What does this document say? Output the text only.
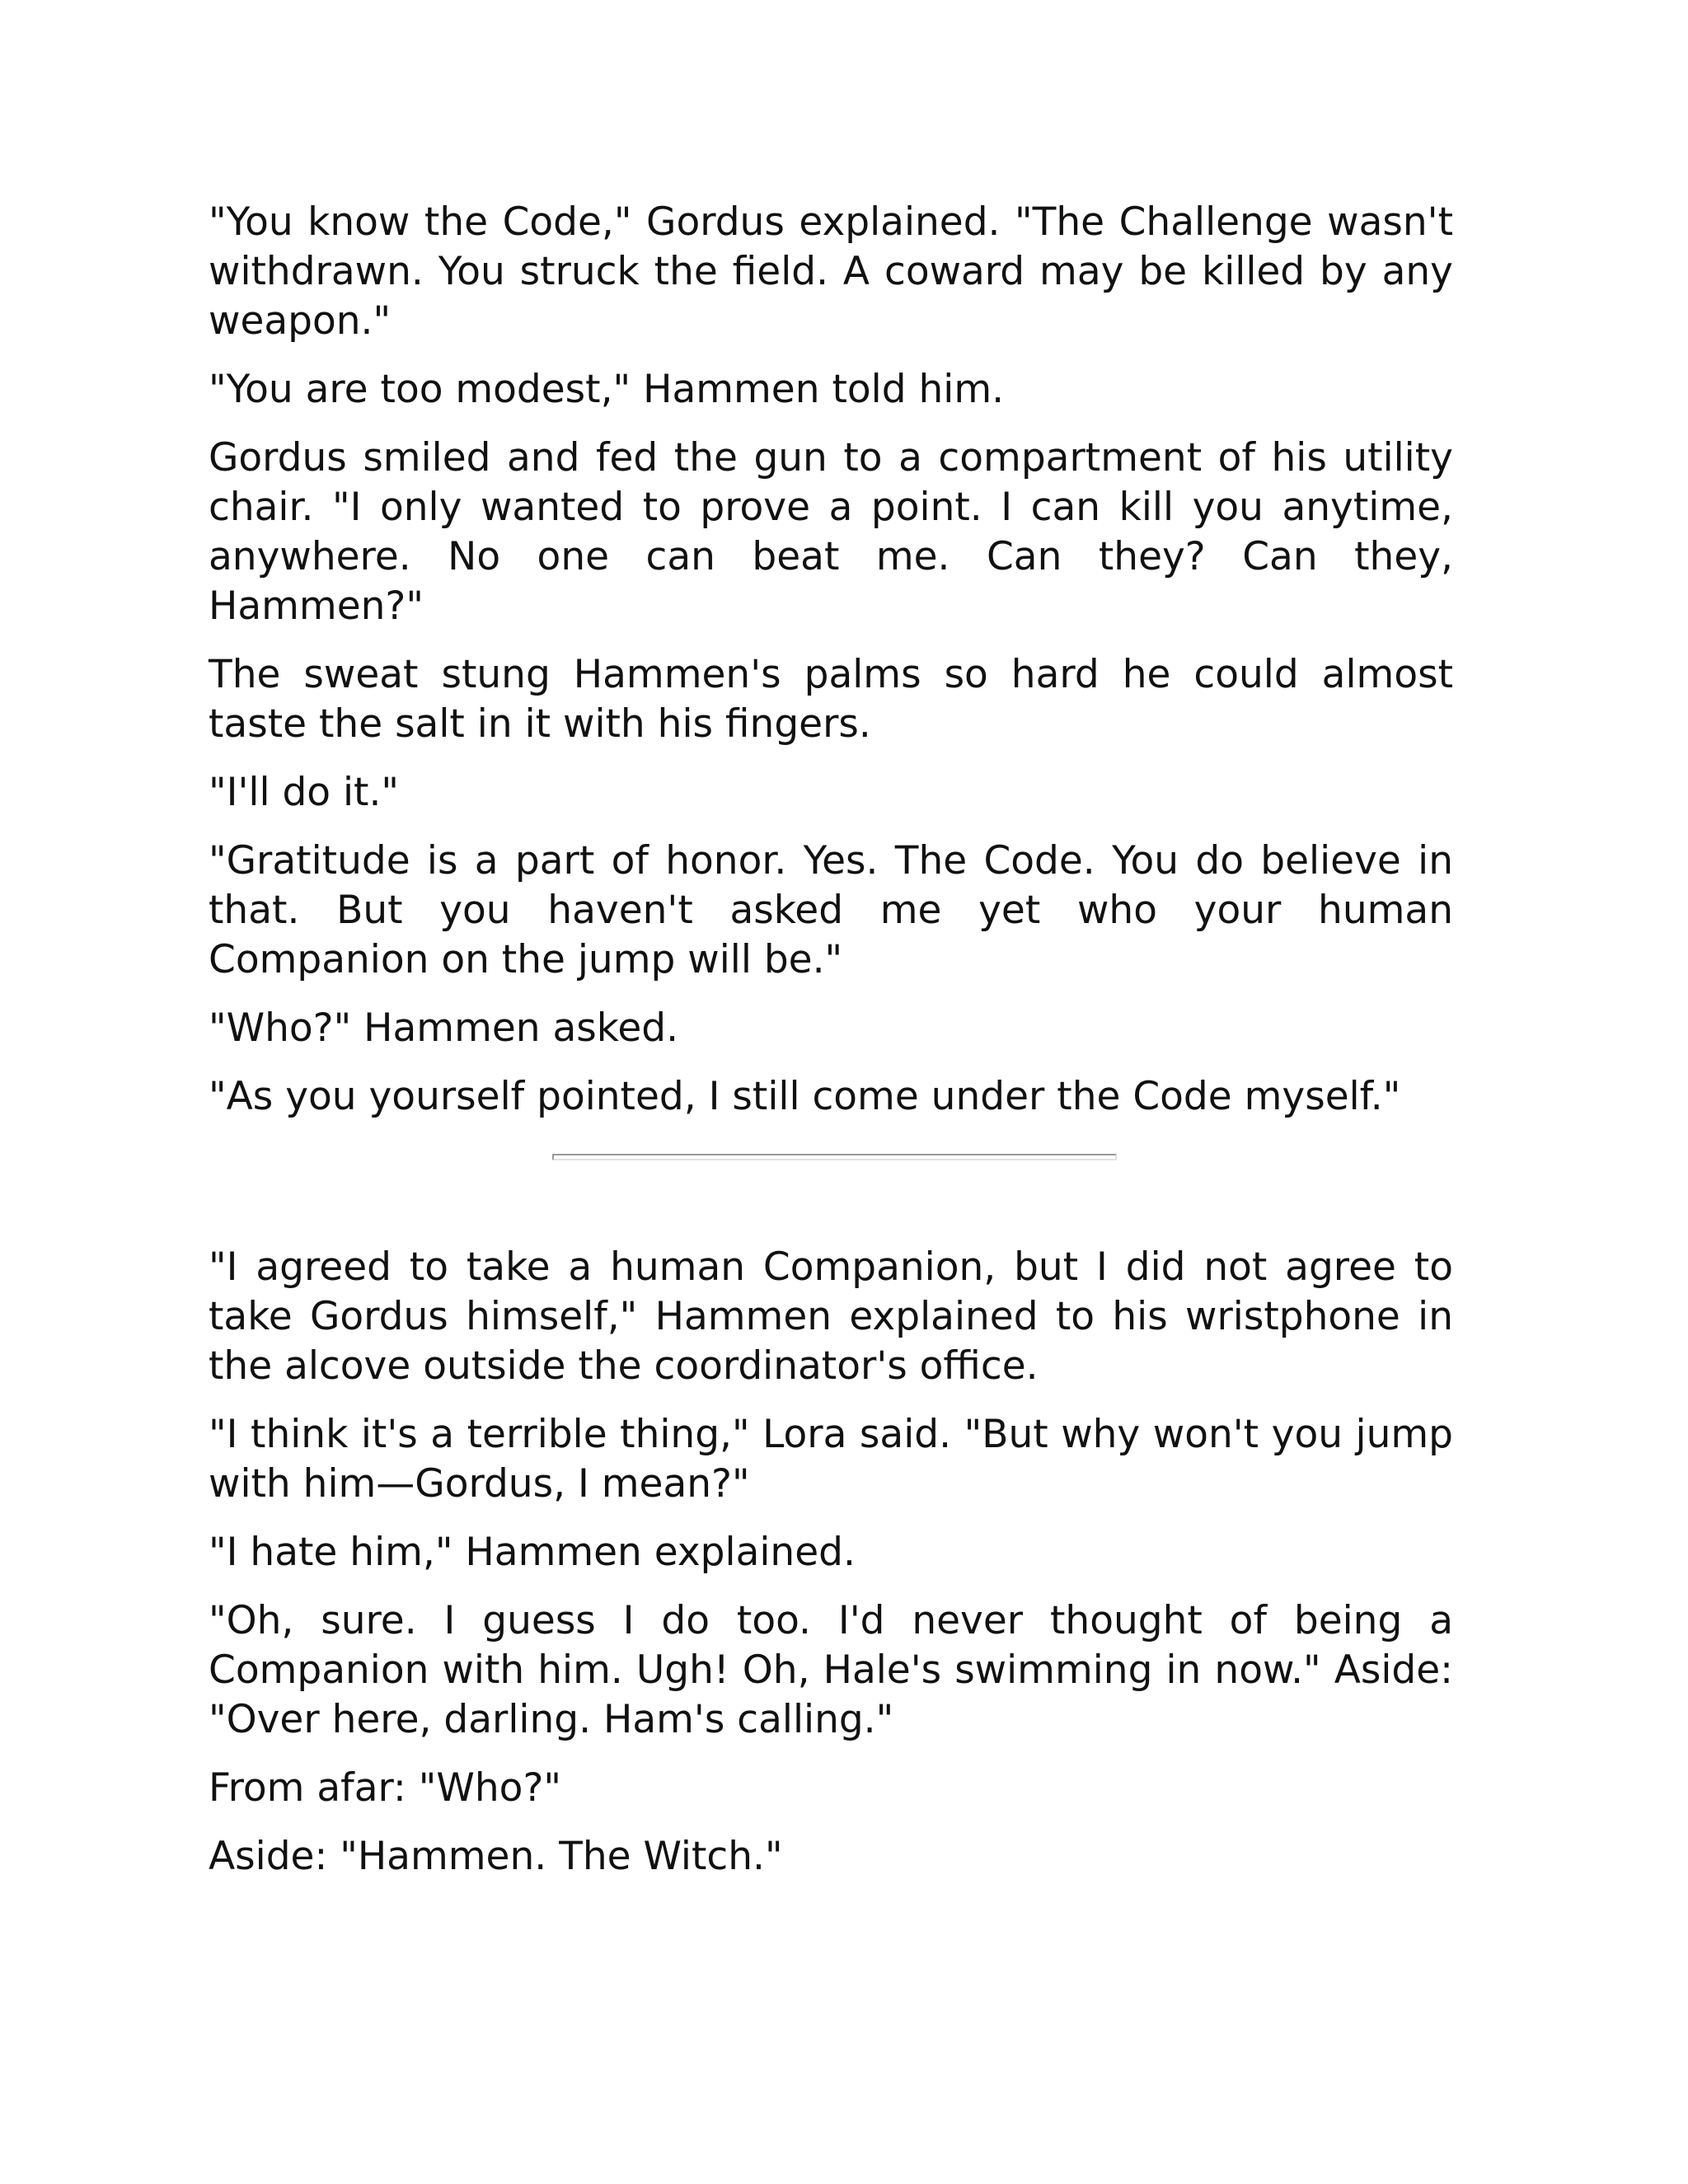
"You know the Code," Gordus explained. "The Challenge wasn't withdrawn. You struck the field. A coward may be killed by any weapon."

"You are too modest," Hammen told him.

Gordus smiled and fed the gun to a compartment of his utility chair. "I only wanted to prove a point. I can kill you anytime, anywhere. No one can beat me. Can they? Can they, Hammen?"

The sweat stung Hammen's palms so hard he could almost taste the salt in it with his fingers.

"I'll do it."

"Gratitude is a part of honor. Yes. The Code. You do believe in that. But you haven't asked me yet who your human Companion on the jump will be."

"Who?" Hammen asked.

"As you yourself pointed, I still come under the Code myself."

"I agreed to take a human Companion, but I did not agree to take Gordus himself," Hammen explained to his wristphone in the alcove outside the coordinator's office.

"I think it's a terrible thing," Lora said. "But why won't you jump with him—Gordus, I mean?"

"I hate him," Hammen explained.

"Oh, sure. I guess I do too. I'd never thought of being a Companion with him. Ugh! Oh, Hale's swimming in now." Aside: "Over here, darling. Ham's calling."

From afar: "Who?"

Aside: "Hammen. The Witch."
